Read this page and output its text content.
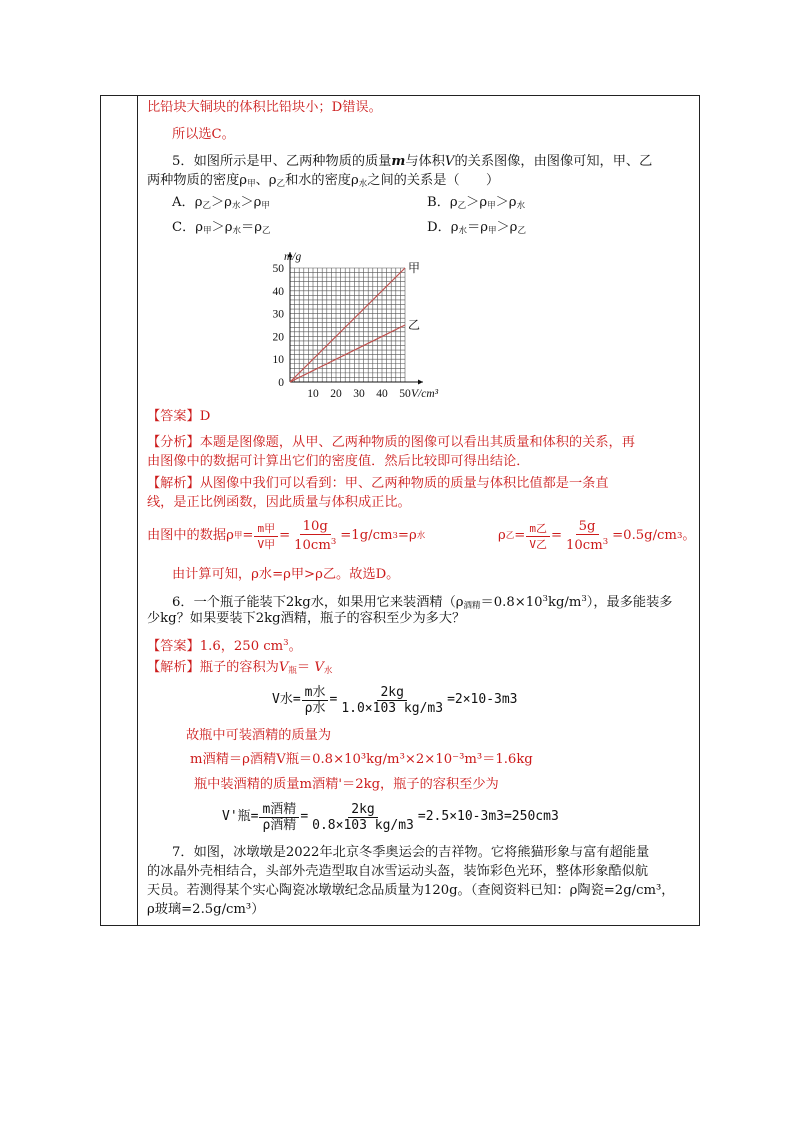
比铅块大铜块的体积比铅块小；D错误。
所以选C。
5．如图所示是甲、乙两种物质的质量m与体积V的关系图像，由图像可知，甲、乙
两种物质的密度$\rho_甲$、$\rho_乙$和水的密度$\rho_水$之间的关系是（　　）
A．$\rho_乙>\rho_水>\rho_甲$	B．$\rho_乙>\rho_甲>\rho_水$
C．$\rho_甲>\rho_水=\rho_乙$	D．$\rho_水=\rho_甲>\rho_乙$
10 20 30 40 50
0
10
20
30
40
50	甲
乙
m/g
V/cm³
【答案】D
【分析】本题是图像题，从甲、乙两种物质的图像可以看出其质量和体积的关系，再
由图像中的数据可计算出它们的密度值．然后比较即可得出结论．
【解析】从图像中我们可以看到：甲、乙两种物质的质量与体积比值都是一条直
线，是正比例函数，因此质量与体积成正比。
由图中的数据ρ 甲 = $\frac{\text{m甲}}{\text{V甲}} = \frac{10g}{10cm^3} =1g/cm$ 3 =ρ 水	ρ 乙 = $\frac{\text{m乙}}{\text{V乙}} = \frac{5g}{10cm^3} =0.5g/cm$ 3 。
由计算可知，ρ水=ρ甲>ρ乙。故选D。
6．一个瓶子能装下2kg水，如果用它来装酒精$(\rho_{酒精}=0.8\times 10^3kg/m^3)$，最多能装多
少kg？如果要装下2kg酒精，瓶子的容积至少为多大？
【答案】1.6，250 $cm^3$。
【解析】瓶子的容积为$V_瓶= V_水$
V水= $\frac{\text{m水}}{\text{ρ水}} = \frac{2kg}{1.0\times 103 kg/m3} =2\times 10-3m3$
故瓶中可装酒精的质量为
m酒精＝ρ酒精V瓶＝0.8×10³kg/m³×2×10⁻³m³＝1.6kg
瓶中装酒精的质量m酒精'＝2kg，瓶子的容积至少为
V'瓶= $\frac{\text{m酒精}}{\text{ρ酒精}} = \frac{2kg}{0.8\times 103 kg/m3} =2.5\times 10-3m3=250cm3$
7．如图，冰墩墩是2022年北京冬季奥运会的吉祥物。它将熊猫形象与富有超能量
的冰晶外壳相结合，头部外壳造型取自冰雪运动头盔，装饰彩色光环，整体形象酷似航
天员。若测得某个实心陶瓷冰墩墩纪念品质量为120g。（查阅资料已知：ρ陶瓷=2g/cm³，
ρ玻璃=2.5g/cm³）
